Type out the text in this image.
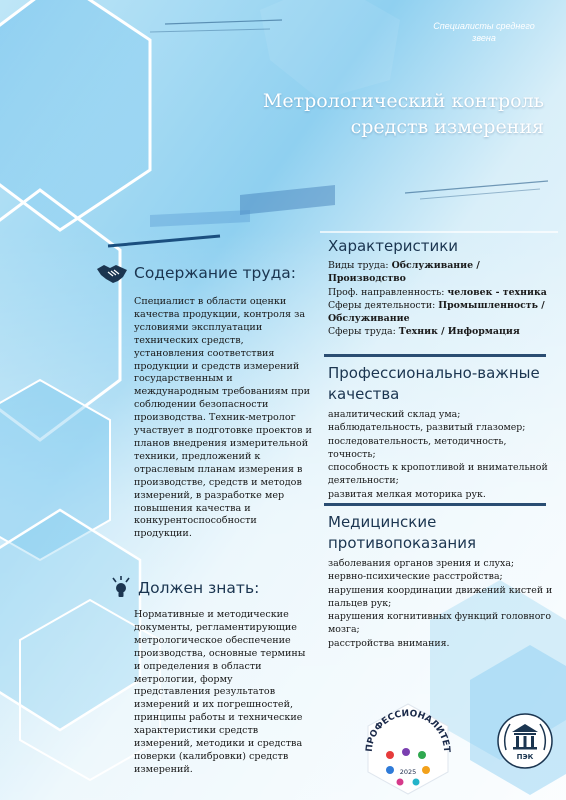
Специалисты среднего звена
Метрологический контроль
средств измерения
Содержание труда:
Специалист в области оценки качества продукции, контроля за условиями эксплуатации технических средств, установления соответствия продукции и средств измерений государственным и международным требованиям при соблюдении безопасности производства. Техник-метролог участвует в подготовке проектов и планов внедрения измерительной техники, предложений к отраслевым планам измерения в производстве, средств и методов измерений, в разработке мер повышения качества и конкурентоспособности продукции.
Должен знать:
Нормативные и методические документы, регламентирующие метрологическое обеспечение производства, основные термины и определения в области метрологии, форму представления результатов измерений и их погрешностей, принципы работы и технические характеристики средств измерений, методики и средства поверки (калибровки) средств измерений.
Характеристики
Виды труда: Обслуживание / Производство
Проф. направленность: человек - техника
Сферы деятельности: Промышленность / Обслуживание
Сферы труда: Техник / Информация
Профессионально-важные
качества
аналитический склад ума;
наблюдательность, развитый глазомер;
последовательность, методичность, точность;
способность к кропотливой и внимательной деятельности;
развитая мелкая моторика рук.
Медицинские
противопоказания
заболевания органов зрения и слуха;
нервно-психические расстройства;
нарушения координации движений кистей и пальцев рук;
нарушения когнитивных функций головного мозга;
расстройства внимания.
ПРОФЕССИОНАЛИТЕТ
2025
ПЭК
